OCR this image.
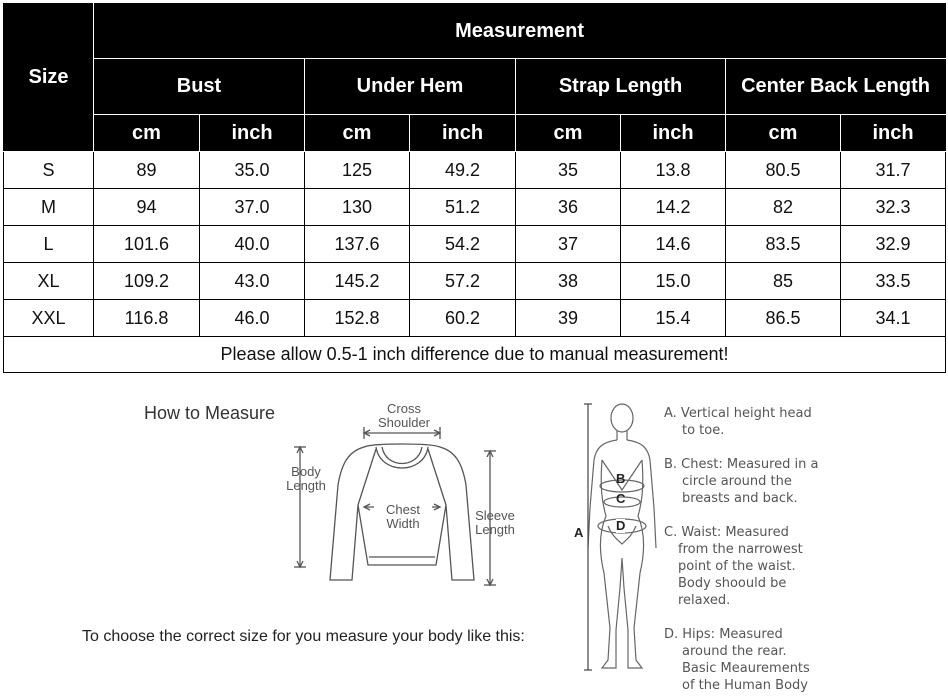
Size	Measurement							
	Bust		Under Hem		Strap Length		Center Back Length	
	cm	inch	cm	inch	cm	inch	cm	inch
S	89	35.0	125	49.2	35	13.8	80.5	31.7
M	94	37.0	130	51.2	36	14.2	82	32.3
L	101.6	40.0	137.6	54.2	37	14.6	83.5	32.9
XL	109.2	43.0	145.2	57.2	38	15.0	85	33.5
XXL	116.8	46.0	152.8	60.2	39	15.4	86.5	34.1
Please allow 0.5-1 inch difference due to manual measurement!								
How to Measure	Cross
Shoulder
Body
Length
Chest
Width
Sleeve
Length
To choose the correct size for you measure your body like this:
A
B
C
D
A. Vertical height head
to toe.
B. Chest: Measured in a
circle around the
breasts and back.
C. Waist: Measured
from the narrowest
point of the waist.
Body shoould be
relaxed.
D. Hips: Measured
around the rear.
Basic Meaurements
of the Human Body
